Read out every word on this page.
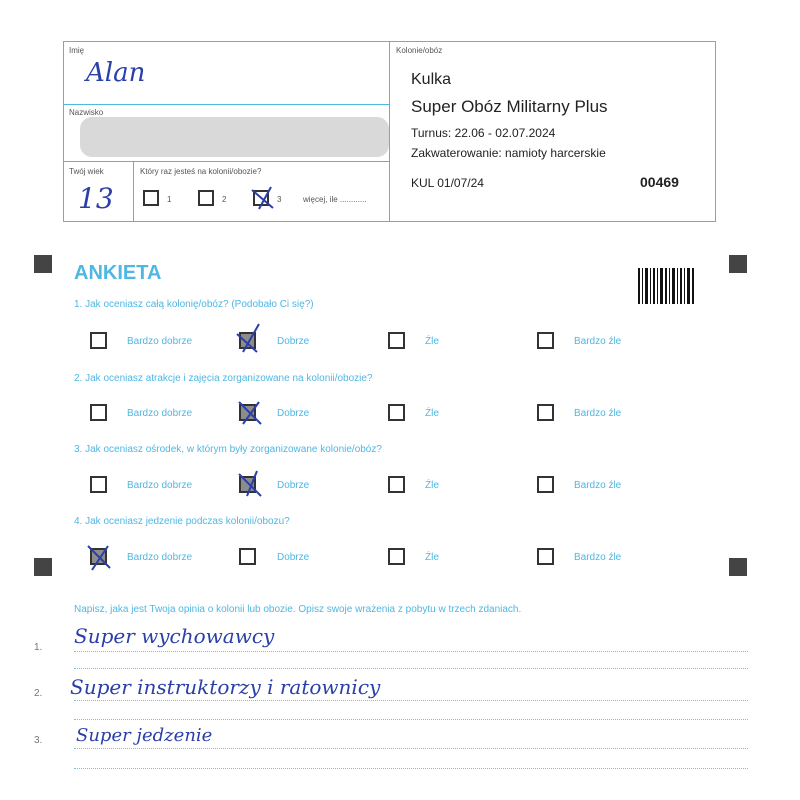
Imię
Alan
Nazwisko
Twój wiek
13
Który raz jesteś na kolonii/obozie?
1	2	3	więcej, ile ............
Kolonie/obóz
Kulka
Super Obóz Militarny Plus
Turnus: 22.06 - 02.07.2024
Zakwaterowanie: namioty harcerskie
KUL 01/07/24	00469
ANKIETA
1. Jak oceniasz całą kolonię/obóz? (Podobało Ci się?)
Bardzo dobrze	Dobrze	Źle	Bardzo źle
2. Jak oceniasz atrakcje i zajęcia zorganizowane na kolonii/obozie?
Bardzo dobrze	Dobrze	Źle	Bardzo źle
3. Jak oceniasz ośrodek, w którym były zorganizowane kolonie/obóz?
Bardzo dobrze	Dobrze	Źle	Bardzo źle
4. Jak oceniasz jedzenie podczas kolonii/obozu?
Bardzo dobrze	Dobrze	Źle	Bardzo źle
Napisz, jaka jest Twoja opinia o kolonii lub obozie. Opisz swoje wrażenia z pobytu w trzech zdaniach.
1. Super wychowawcy
2. Super instruktorzy i ratownicy
3. Super jedzenie
